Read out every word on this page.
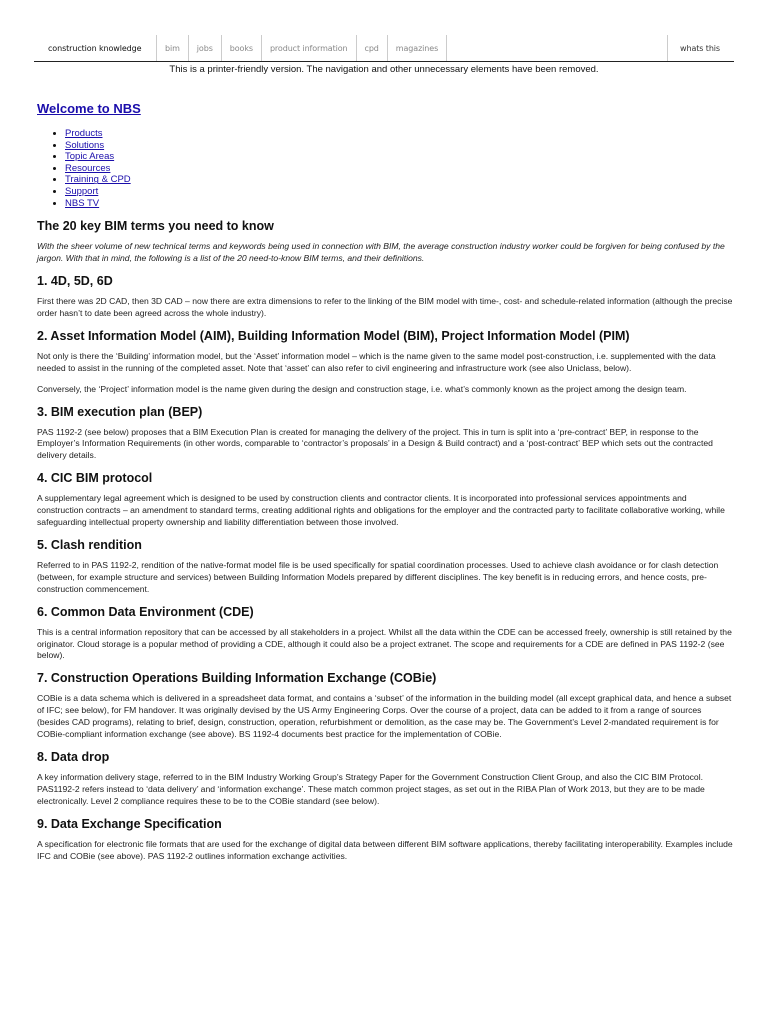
construction knowledge	bim	jobs	books	product information	cpd	magazines	whats this
This is a printer-friendly version. The navigation and other unnecessary elements have been removed.
Welcome to NBS
• Products
• Solutions
• Topic Areas
• Resources
• Training & CPD
• Support
• NBS TV
The 20 key BIM terms you need to know

With the sheer volume of new technical terms and keywords being used in connection with BIM, the average construction industry worker could be forgiven for being confused by the jargon. With that in mind, the following is a list of the 20 need-to-know BIM terms, and their definitions.

1. 4D, 5D, 6D

First there was 2D CAD, then 3D CAD – now there are extra dimensions to refer to the linking of the BIM model with time-, cost- and schedule-related information (although the precise order hasn’t to date been agreed across the whole industry).

2. Asset Information Model (AIM), Building Information Model (BIM), Project Information Model (PIM)

Not only is there the ‘Building’ information model, but the ‘Asset’ information model – which is the name given to the same model post-construction, i.e. supplemented with the data needed to assist in the running of the completed asset. Note that ‘asset’ can also refer to civil engineering and infrastructure work (see also Uniclass, below).

Conversely, the ‘Project’ information model is the name given during the design and construction stage, i.e. what’s commonly known as the project among the design team.

3. BIM execution plan (BEP)

PAS 1192-2 (see below) proposes that a BIM Execution Plan is created for managing the delivery of the project. This in turn is split into a ‘pre-contract’ BEP, in response to the Employer’s Information Requirements (in other words, comparable to ‘contractor’s proposals’ in a Design & Build contract) and a ‘post-contract’ BEP which sets out the contracted delivery details.

4. CIC BIM protocol

A supplementary legal agreement which is designed to be used by construction clients and contractor clients. It is incorporated into professional services appointments and construction contracts – an amendment to standard terms, creating additional rights and obligations for the employer and the contracted party to facilitate collaborative working, while safeguarding intellectual property ownership and liability differentiation between those involved.

5. Clash rendition

Referred to in PAS 1192-2, rendition of the native-format model file is be used specifically for spatial coordination processes. Used to achieve clash avoidance or for clash detection (between, for example structure and services) between Building Information Models prepared by different disciplines. The key benefit is in reducing errors, and hence costs, pre-construction commencement.

6. Common Data Environment (CDE)

This is a central information repository that can be accessed by all stakeholders in a project. Whilst all the data within the CDE can be accessed freely, ownership is still retained by the originator. Cloud storage is a popular method of providing a CDE, although it could also be a project extranet. The scope and requirements for a CDE are defined in PAS 1192-2 (see below).

7. Construction Operations Building Information Exchange (COBie)

COBie is a data schema which is delivered in a spreadsheet data format, and contains a ‘subset’ of the information in the building model (all except graphical data, and hence a subset of IFC; see below), for FM handover. It was originally devised by the US Army Engineering Corps. Over the course of a project, data can be added to it from a range of sources (besides CAD programs), relating to brief, design, construction, operation, refurbishment or demolition, as the case may be. The Government’s Level 2-mandated requirement is for COBie-compliant information exchange (see above). BS 1192-4 documents best practice for the implementation of COBie.

8. Data drop

A key information delivery stage, referred to in the BIM Industry Working Group’s Strategy Paper for the Government Construction Client Group, and also the CIC BIM Protocol. PAS1192-2 refers instead to ‘data delivery’ and ‘information exchange’. These match common project stages, as set out in the RIBA Plan of Work 2013, but they are to be made electronically. Level 2 compliance requires these to be to the COBie standard (see below).

9. Data Exchange Specification

A specification for electronic file formats that are used for the exchange of digital data between different BIM software applications, thereby facilitating interoperability. Examples include IFC and COBie (see above). PAS 1192-2 outlines information exchange activities.
